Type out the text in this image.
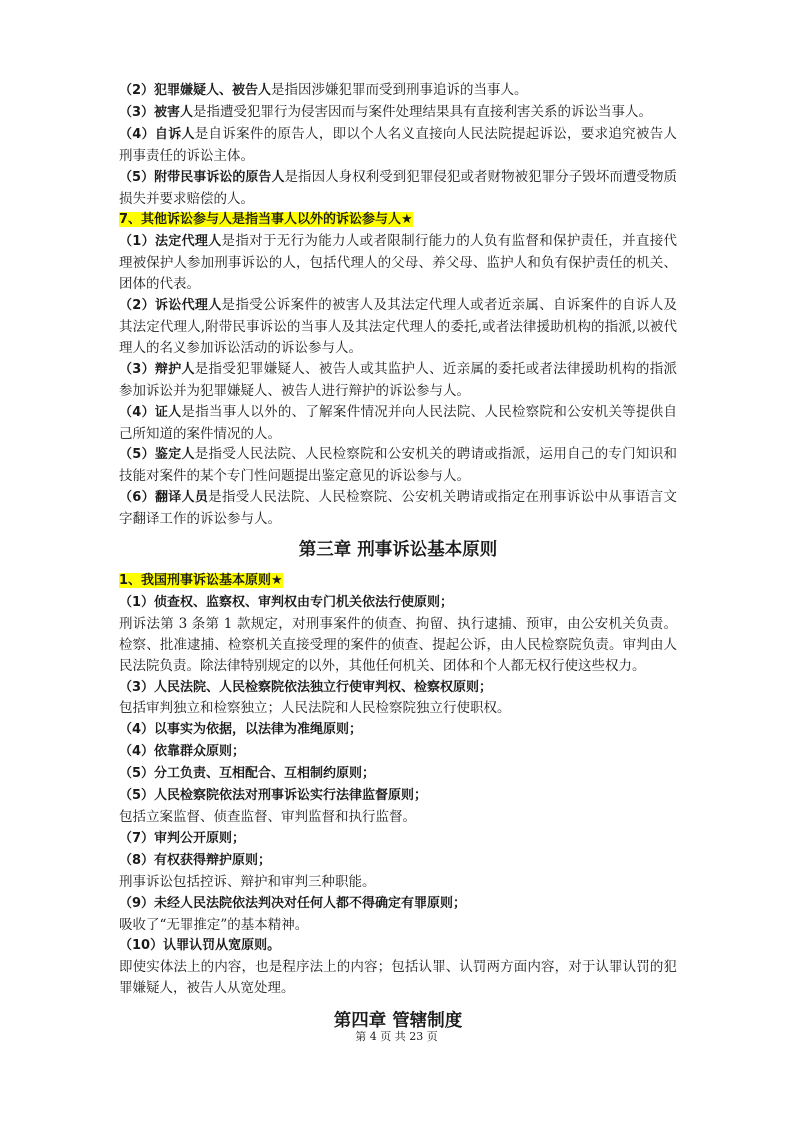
（2）犯罪嫌疑人、被告人是指因涉嫌犯罪而受到刑事追诉的当事人。

（3）被害人是指遭受犯罪行为侵害因而与案件处理结果具有直接利害关系的诉讼当事人。

（4）自诉人是自诉案件的原告人，即以个人名义直接向人民法院提起诉讼，要求追究被告人刑事责任的诉讼主体。

（5）附带民事诉讼的原告人是指因人身权利受到犯罪侵犯或者财物被犯罪分子毁坏而遭受物质损失并要求赔偿的人。

7、其他诉讼参与人是指当事人以外的诉讼参与人★

（1）法定代理人是指对于无行为能力人或者限制行能力的人负有监督和保护责任，并直接代理被保护人参加刑事诉讼的人，包括代理人的父母、养父母、监护人和负有保护责任的机关、团体的代表。

（2）诉讼代理人是指受公诉案件的被害人及其法定代理人或者近亲属、自诉案件的自诉人及其法定代理人,附带民事诉讼的当事人及其法定代理人的委托,或者法律援助机构的指派,以被代理人的名义参加诉讼活动的诉讼参与人。

（3）辩护人是指受犯罪嫌疑人、被告人或其监护人、近亲属的委托或者法律援助机构的指派参加诉讼并为犯罪嫌疑人、被告人进行辩护的诉讼参与人。

（4）证人是指当事人以外的、了解案件情况并向人民法院、人民检察院和公安机关等提供自己所知道的案件情况的人。

（5）鉴定人是指受人民法院、人民检察院和公安机关的聘请或指派，运用自己的专门知识和技能对案件的某个专门性问题提出鉴定意见的诉讼参与人。

（6）翻译人员是指受人民法院、人民检察院、公安机关聘请或指定在刑事诉讼中从事语言文字翻译工作的诉讼参与人。

第三章 刑事诉讼基本原则

1、我国刑事诉讼基本原则★

（1）侦查权、监察权、审判权由专门机关依法行使原则；

刑诉法第 3 条第 1 款规定，对刑事案件的侦查、拘留、执行逮捕、预审，由公安机关负责。检察、批准逮捕、检察机关直接受理的案件的侦查、提起公诉，由人民检察院负责。审判由人民法院负责。除法律特别规定的以外，其他任何机关、团体和个人都无权行使这些权力。

（3）人民法院、人民检察院依法独立行使审判权、检察权原则；

包括审判独立和检察独立；人民法院和人民检察院独立行使职权。

（4）以事实为依据，以法律为准绳原则；

（4）依靠群众原则；

（5）分工负责、互相配合、互相制约原则；

（5）人民检察院依法对刑事诉讼实行法律监督原则；

包括立案监督、侦查监督、审判监督和执行监督。

（7）审判公开原则；

（8）有权获得辩护原则；

刑事诉讼包括控诉、辩护和审判三种职能。

（9）未经人民法院依法判决对任何人都不得确定有罪原则；

吸收了“无罪推定”的基本精神。

（10）认罪认罚从宽原则。

即使实体法上的内容，也是程序法上的内容；包括认罪、认罚两方面内容，对于认罪认罚的犯罪嫌疑人，被告人从宽处理。

第四章 管辖制度
第 4 页 共 23 页
